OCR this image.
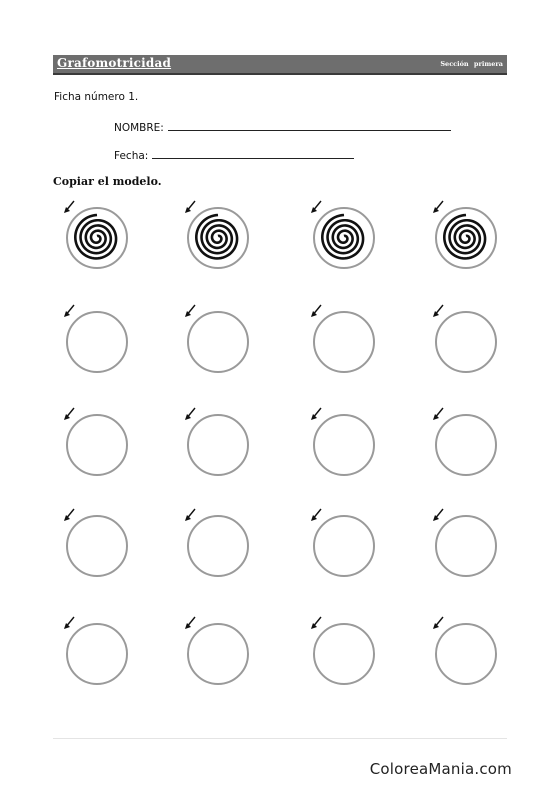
Grafomotricidad	Sección primera
Ficha número 1.
NOMBRE:
Fecha:
Copiar el modelo.
ColoreaMania.com
